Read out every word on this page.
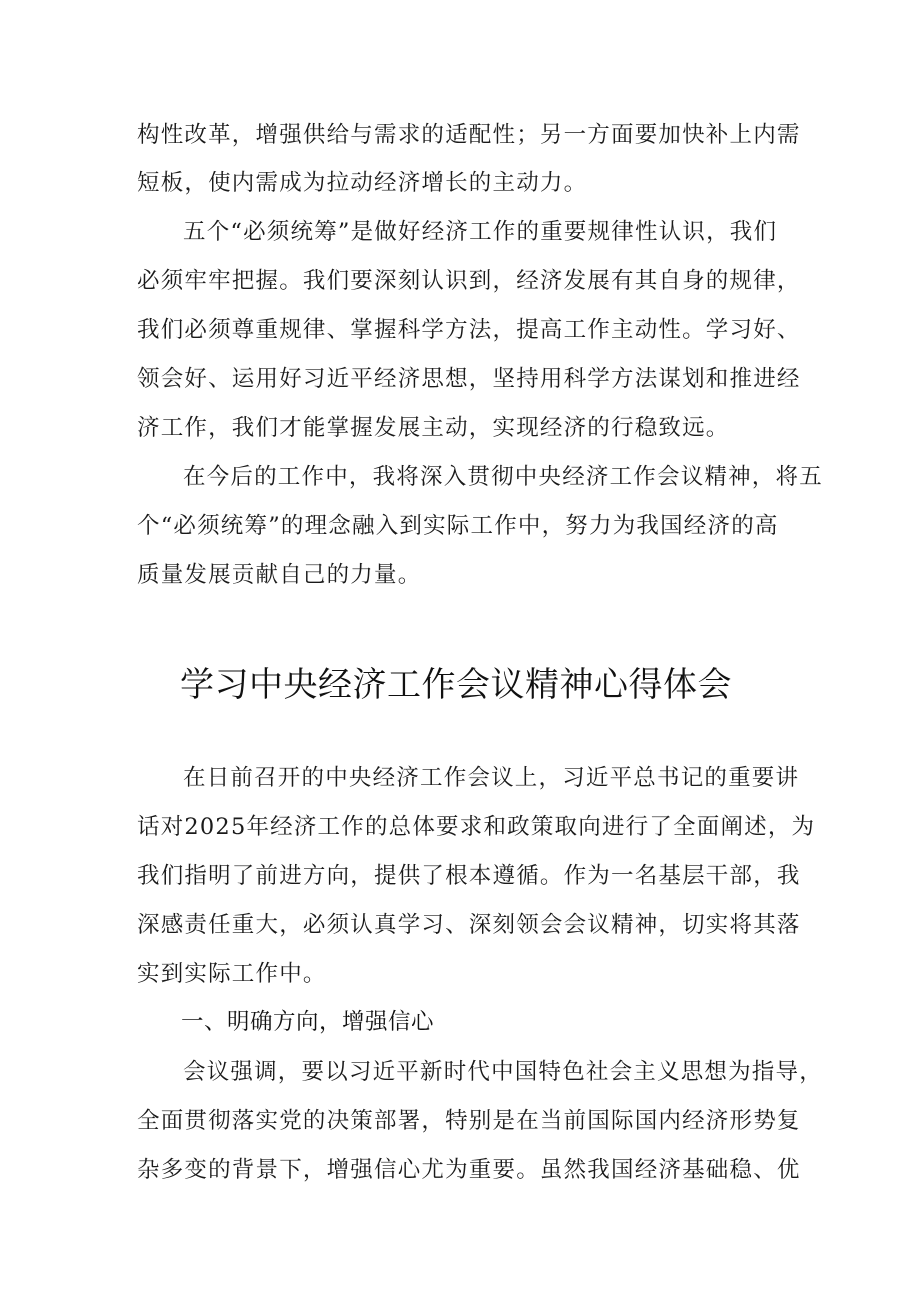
构性改革，增强供给与需求的适配性；另一方面要加快补上内需
短板，使内需成为拉动经济增长的主动力。
五个“必须统筹”是做好经济工作的重要规律性认识，我们
必须牢牢把握。我们要深刻认识到，经济发展有其自身的规律，
我们必须尊重规律、掌握科学方法，提高工作主动性。学习好、
领会好、运用好习近平经济思想，坚持用科学方法谋划和推进经
济工作，我们才能掌握发展主动，实现经济的行稳致远。
在今后的工作中，我将深入贯彻中央经济工作会议精神，将五
个“必须统筹”的理念融入到实际工作中，努力为我国经济的高
质量发展贡献自己的力量。
学习中央经济工作会议精神心得体会
在日前召开的中央经济工作会议上，习近平总书记的重要讲
话对2025年经济工作的总体要求和政策取向进行了全面阐述，为
我们指明了前进方向，提供了根本遵循。作为一名基层干部，我
深感责任重大，必须认真学习、深刻领会会议精神，切实将其落
实到实际工作中。
一、明确方向，增强信心
会议强调，要以习近平新时代中国特色社会主义思想为指导，
全面贯彻落实党的决策部署，特别是在当前国际国内经济形势复
杂多变的背景下，增强信心尤为重要。虽然我国经济基础稳、优
